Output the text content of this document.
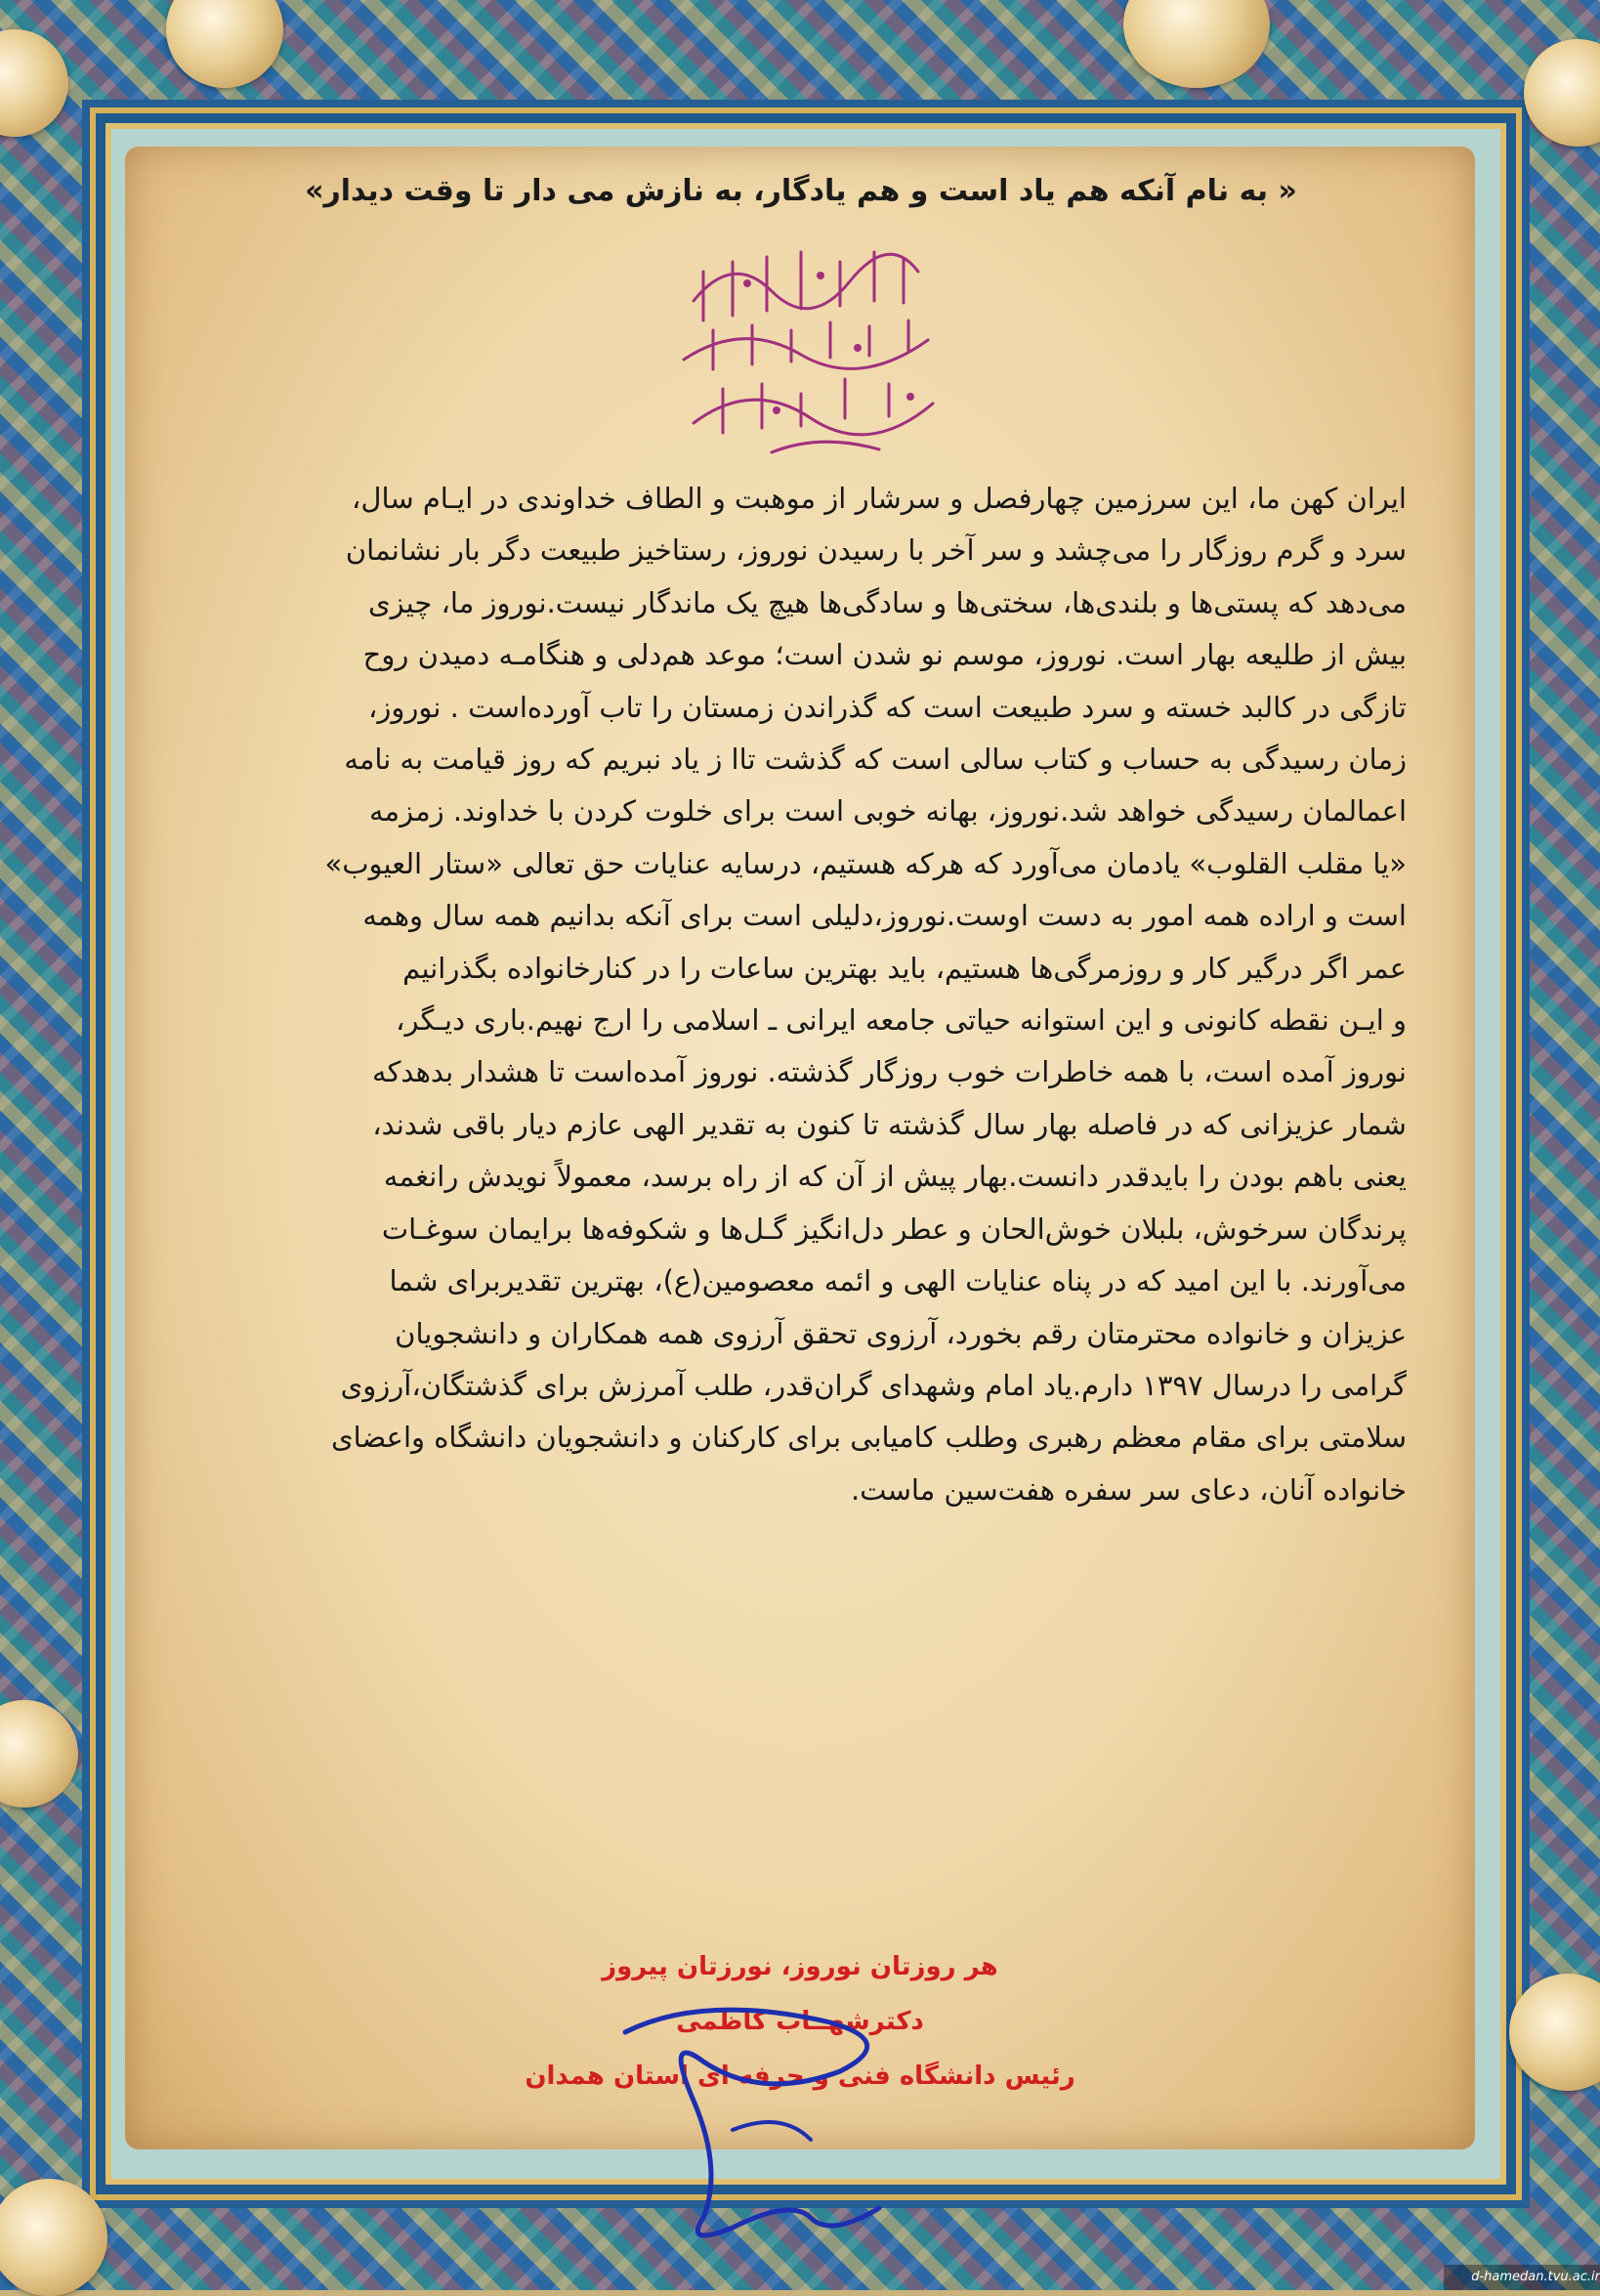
« به نام آنکه هم یاد است و هم یادگار، به نازش می دار تا وقت دیدار»

ایران کهن ما، این سرزمین چهارفصل و سرشار از موهبت و الطاف خداوندی در ایـام سال،

سرد و گرم روزگار را می‌چشد و سر آخر با رسیدن نوروز، رستاخیز طبیعت دگر بار نشانمان

می‌دهد که پستی‌ها و بلندی‌ها، سختی‌ها و سادگی‌ها هیچ یک ماندگار نیست.نوروز ما، چیزی

بیش از طلیعه بهار است. نوروز، موسم نو شدن است؛ موعد هم‌دلی و هنگامـه دمیدن روح

تازگی در کالبد خسته و سرد طبیعت است که گذراندن زمستان را تاب آورده‌است . نوروز،

زمان رسیدگی به حساب و کتاب سالی است که گذشت تاا ز یاد نبریم که روز قیامت به نامه

اعمالمان رسیدگی خواهد شد.نوروز، بهانه خوبی است برای خلوت کردن با خداوند. زمزمه

«یا مقلب القلوب» یادمان می‌آورد که هرکه هستیم، درسایه عنایات حق تعالی «ستار العیوب»

است و اراده همه امور به دست اوست.نوروز،دلیلی است برای آنکه بدانیم همه سال وهمه

عمر اگر درگیر کار و روزمرگی‌ها هستیم، باید بهترین ساعات را در کنارخانواده بگذرانیم

و ایـن نقطه کانونی و این استوانه حیاتی جامعه ایرانی ـ اسلامی را ارج نهیم.باری دیـگر،

نوروز آمده است، با همه خاطرات خوب روزگار گذشته. نوروز آمده‌است تا هشدار بدهدکه

شمار عزیزانی که در فاصله بهار سال گذشته تا کنون به تقدیر الهی عازم دیار باقی شدند،

یعنی باهم بودن را بایدقدر دانست.بهار پیش از آن که از راه برسد، معمولاً نویدش رانغمه

پرندگان سرخوش، بلبلان خوش‌الحان و عطر دل‌انگیز گـل‌ها و شکوفه‌ها برایمان سوغـات

می‌آورند. با این امید که در پناه عنایات الهی و ائمه معصومین(ع)، بهترین تقدیربرای شما

عزیزان و خانواده محترمتان رقم بخورد، آرزوی تحقق آرزوی همه همکاران و دانشجویان

گرامی را درسال ۱۳۹۷ دارم.یاد امام وشهدای گران‌قدر، طلب آمرزش برای گذشتگان،آرزوی

سلامتی برای مقام معظم رهبری وطلب کامیابی برای کارکنان و دانشجویان دانشگاه واعضای

خانواده آنان، دعای سر سفره هفت‌سین ماست.

هر روزتان نوروز، نورزتان پیروز
دکترشهــاب کاظمی
رئیس دانشگاه فنی و حرفه ای استان همدان
d-hamedan.tvu.ac.ir
